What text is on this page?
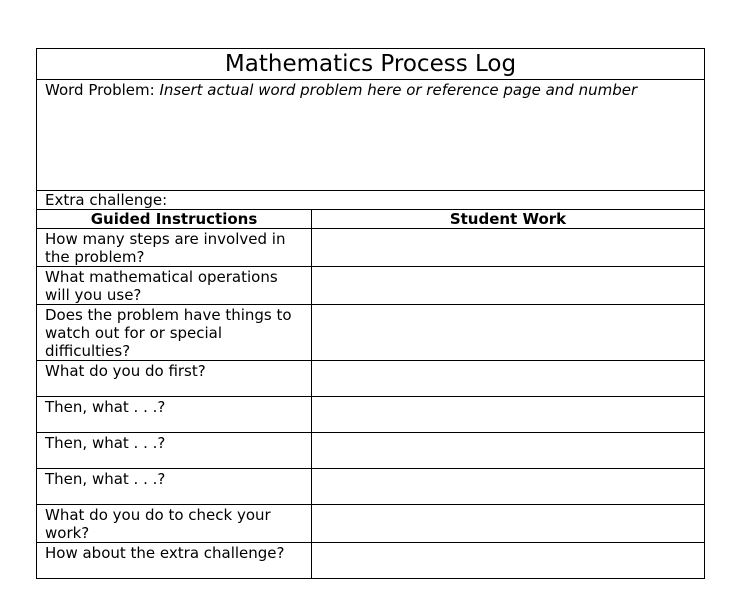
Mathematics Process Log	
Word Problem: Insert actual word problem here or reference page and number	
Extra challenge:	
Guided Instructions	Student Work
How many steps are involved in the problem?	
What mathematical operations will you use?	
Does the problem have things to watch out for or special difficulties?	
What do you do first?	
Then, what . . .?	
Then, what . . .?	
Then, what . . .?	
What do you do to check your work?	
How about the extra challenge?	
